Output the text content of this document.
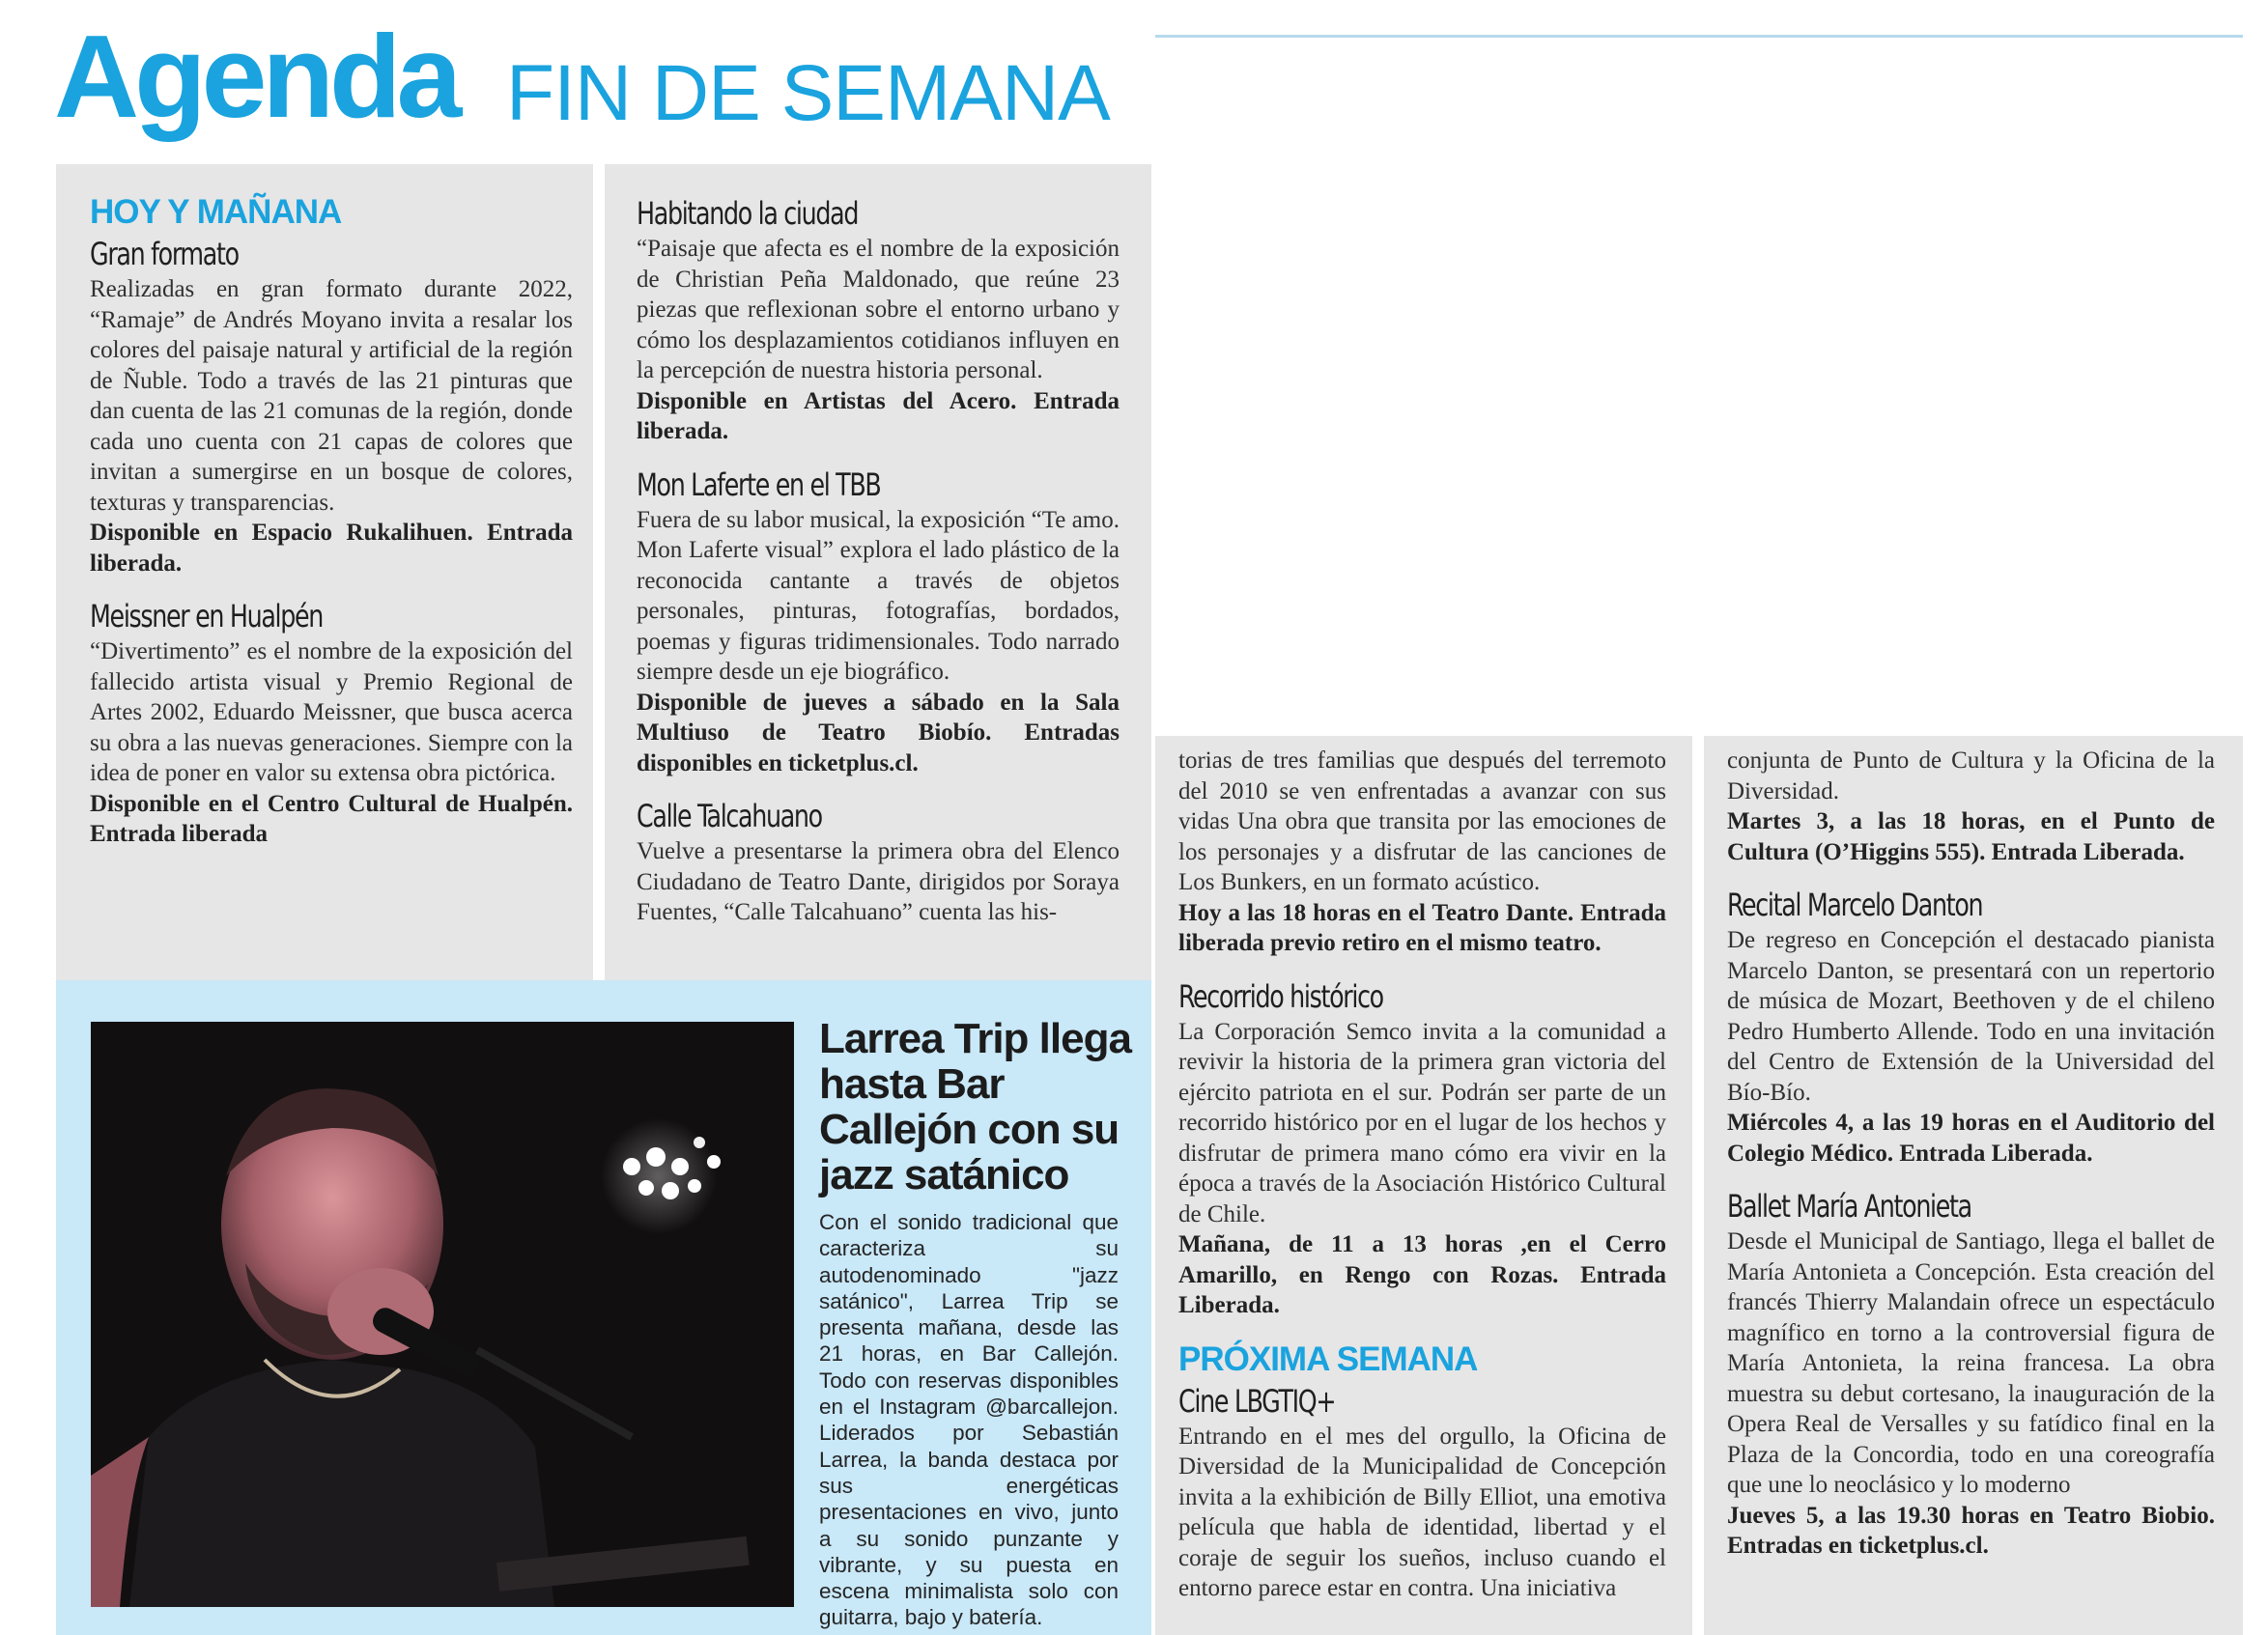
Agenda FIN DE SEMANA

HOY Y MAÑANA

Gran formato

Realizadas en gran formato durante 2022, “Ramaje” de Andrés Moyano invita a resalar los colores del paisaje natural y artificial de la región de Ñuble. Todo a través de las 21 pinturas que dan cuenta de las 21 comunas de la región, donde cada uno cuenta con 21 capas de colores que invitan a sumergirse en un bosque de colores, texturas y transparencias.

Disponible en Espacio Rukalihuen. Entrada liberada.

Meissner en Hualpén

“Divertimento” es el nombre de la exposición del fallecido artista visual y Premio Regional de Artes 2002, Eduardo Meissner, que busca acerca su obra a las nuevas generaciones. Siempre con la idea de poner en valor su extensa obra pictórica.

Disponible en el Centro Cultural de Hualpén. Entrada liberada

Habitando la ciudad

“Paisaje que afecta es el nombre de la exposición de Christian Peña Maldonado, que reúne 23 piezas que reflexionan sobre el entorno urbano y cómo los desplazamientos cotidianos influyen en la percepción de nuestra historia personal.

Disponible en Artistas del Acero. Entrada liberada.

Mon Laferte en el TBB

Fuera de su labor musical, la exposición “Te amo. Mon Laferte visual” explora el lado plástico de la reconocida cantante a través de objetos personales, pinturas, fotografías, bordados, poemas y figuras tridimensionales. Todo narrado siempre desde un eje biográfico.

Disponible de jueves a sábado en la Sala Multiuso de Teatro Biobío. Entradas disponibles en ticketplus.cl.

Calle Talcahuano

Vuelve a presentarse la primera obra del Elenco Ciudadano de Teatro Dante, dirigidos por Soraya Fuentes, “Calle Talcahuano” cuenta las his-

torias de tres familias que después del terremoto del 2010 se ven enfrentadas a avanzar con sus vidas Una obra que transita por las emociones de los personajes y a disfrutar de las canciones de Los Bunkers, en un formato acústico.

Hoy a las 18 horas en el Teatro Dante. Entrada liberada previo retiro en el mismo teatro.

Recorrido histórico

La Corporación Semco invita a la comunidad a revivir la historia de la primera gran victoria del ejército patriota en el sur. Podrán ser parte de un recorrido histórico por en el lugar de los hechos y disfrutar de primera mano cómo era vivir en la época a través de la Asociación Histórico Cultural de Chile.

Mañana, de 11 a 13 horas ,en el Cerro Amarillo, en Rengo con Rozas. Entrada Liberada.

PRÓXIMA SEMANA

Cine LBGTIQ+

Entrando en el mes del orgullo, la Oficina de Diversidad de la Municipalidad de Concepción invita a la exhibición de Billy Elliot, una emotiva película que habla de identidad, libertad y el coraje de seguir los sueños, incluso cuando el entorno parece estar en contra. Una iniciativa

conjunta de Punto de Cultura y la Oficina de la Diversidad.

Martes 3, a las 18 horas, en el Punto de Cultura (O’Higgins 555). Entrada Liberada.

Recital Marcelo Danton

De regreso en Concepción el destacado pianista Marcelo Danton, se presentará con un repertorio de música de Mozart, Beethoven y de el chileno Pedro Humberto Allende. Todo en una invitación del Centro de Extensión de la Universidad del Bío-Bío.

Miércoles 4, a las 19 horas en el Auditorio del Colegio Médico. Entrada Liberada.

Ballet María Antonieta

Desde el Municipal de Santiago, llega el ballet de María Antonieta a Concepción. Esta creación del francés Thierry Malandain ofrece un espectáculo magnífico en torno a la controversial figura de María Antonieta, la reina francesa. La obra muestra su debut cortesano, la inauguración de la Opera Real de Versalles y su fatídico final en la Plaza de la Concordia, todo en una coreografía que une lo neoclásico y lo moderno

Jueves 5, a las 19.30 horas en Teatro Biobio. Entradas en ticketplus.cl.

Larrea Trip llega hasta Bar Callejón con su jazz satánico

Con el sonido tradicional que caracteriza su autodenominado "jazz satánico", Larrea Trip se presenta mañana, desde las 21 horas, en Bar Callejón. Todo con reservas disponibles en el Instagram @barcallejon. Liderados por Sebastián Larrea, la banda destaca por sus energéticas presentaciones en vivo, junto a su sonido punzante y vibrante, y su puesta en escena minimalista solo con guitarra, bajo y batería.
